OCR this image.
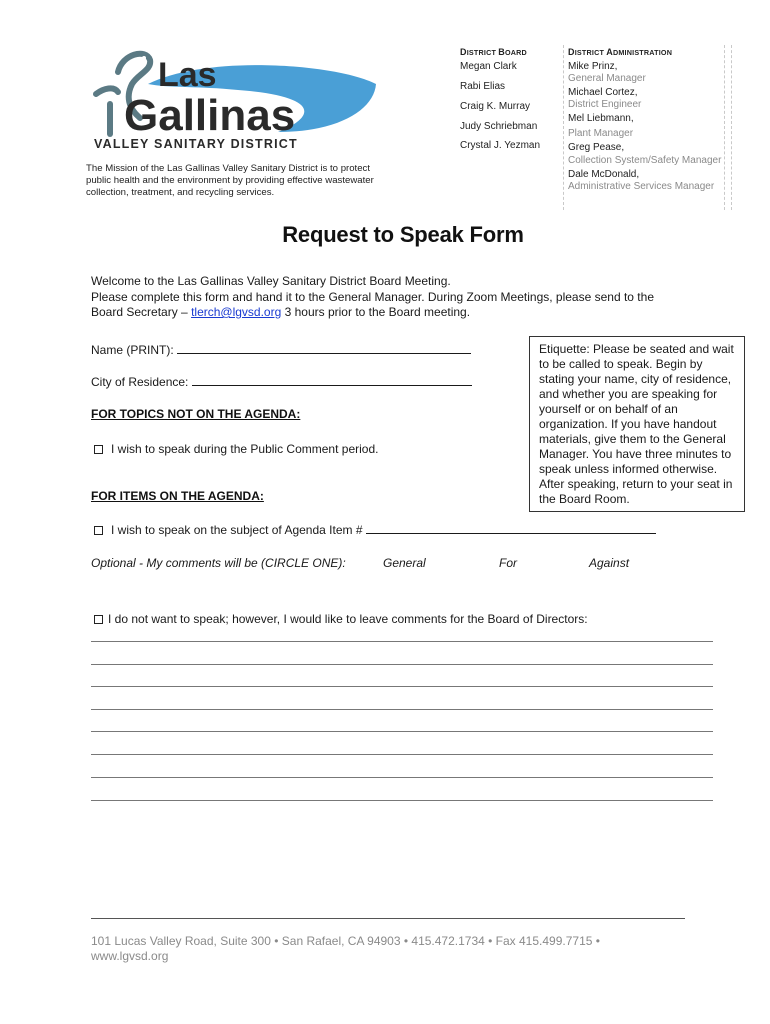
Las
Gallinas
VALLEY SANITARY DISTRICT
The Mission of the Las Gallinas Valley Sanitary District is to protect public health and the environment by providing effective wastewater collection, treatment, and recycling services.
DISTRICT BOARD
Megan Clark
Rabi Elias
Craig K. Murray
Judy Schriebman
Crystal J. Yezman
DISTRICT ADMINISTRATION
Mike Prinz,
General Manager
Michael Cortez,
District Engineer
Mel Liebmann,
Plant Manager
Greg Pease,
Collection System/Safety Manager
Dale McDonald,
Administrative Services Manager
Request to Speak Form
Welcome to the Las Gallinas Valley Sanitary District Board Meeting.
Please complete this form and hand it to the General Manager. During Zoom Meetings, please send to the
Board Secretary – tlerch@lgvsd.org 3 hours prior to the Board meeting.
Name (PRINT):
City of Residence:
FOR TOPICS NOT ON THE AGENDA:
I wish to speak during the Public Comment period.
FOR ITEMS ON THE AGENDA:
Etiquette: Please be seated and wait to be called to speak. Begin by stating your name, city of residence, and whether you are speaking for yourself or on behalf of an organization. If you have handout materials, give them to the General Manager. You have three minutes to speak unless informed otherwise. After speaking, return to your seat in the Board Room.
I wish to speak on the subject of Agenda Item #
Optional - My comments will be (CIRCLE ONE):	General	For	Against
I do not want to speak; however, I would like to leave comments for the Board of Directors:
101 Lucas Valley Road, Suite 300 • San Rafael, CA 94903 • 415.472.1734 • Fax 415.499.7715 •
www.lgvsd.org
